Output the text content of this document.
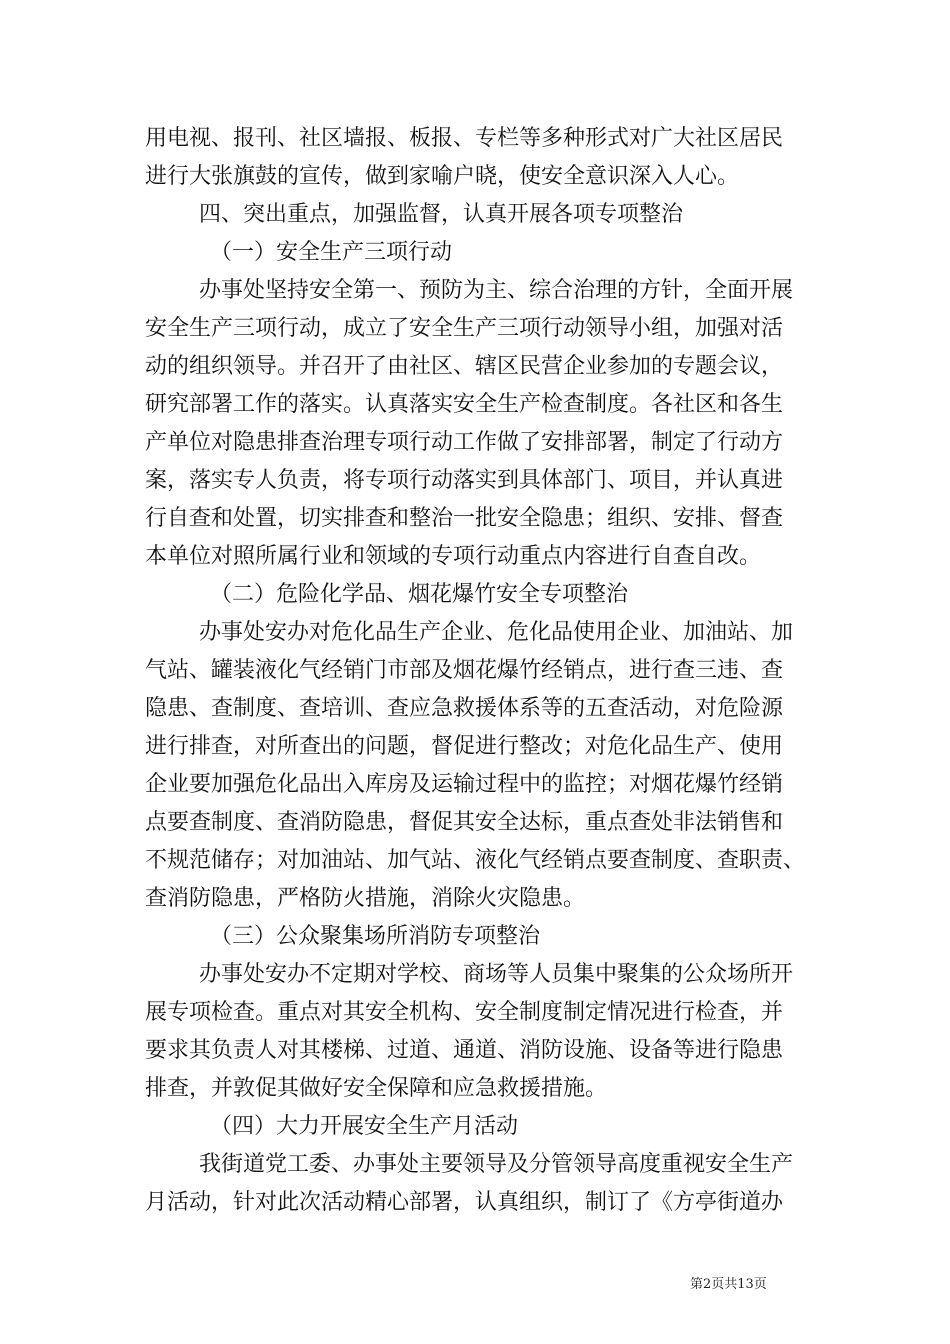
用电视、报刊、社区墙报、板报、专栏等多种形式对广大社区居民
进行大张旗鼓的宣传，做到家喻户晓，使安全意识深入人心。
四、突出重点，加强监督，认真开展各项专项整治
（一）安全生产三项行动
办事处坚持安全第一、预防为主、综合治理的方针，全面开展
安全生产三项行动，成立了安全生产三项行动领导小组，加强对活
动的组织领导。并召开了由社区、辖区民营企业参加的专题会议，
研究部署工作的落实。认真落实安全生产检查制度。各社区和各生
产单位对隐患排查治理专项行动工作做了安排部署，制定了行动方
案，落实专人负责，将专项行动落实到具体部门、项目，并认真进
行自查和处置，切实排查和整治一批安全隐患；组织、安排、督查
本单位对照所属行业和领域的专项行动重点内容进行自查自改。
（二）危险化学品、烟花爆竹安全专项整治
办事处安办对危化品生产企业、危化品使用企业、加油站、加
气站、罐装液化气经销门市部及烟花爆竹经销点，进行查三违、查
隐患、查制度、查培训、查应急救援体系等的五查活动，对危险源
进行排查，对所查出的问题，督促进行整改；对危化品生产、使用
企业要加强危化品出入库房及运输过程中的监控；对烟花爆竹经销
点要查制度、查消防隐患，督促其安全达标，重点查处非法销售和
不规范储存；对加油站、加气站、液化气经销点要查制度、查职责、
查消防隐患，严格防火措施，消除火灾隐患。
（三）公众聚集场所消防专项整治
办事处安办不定期对学校、商场等人员集中聚集的公众场所开
展专项检查。重点对其安全机构、安全制度制定情况进行检查，并
要求其负责人对其楼梯、过道、通道、消防设施、设备等进行隐患
排查，并敦促其做好安全保障和应急救援措施。
（四）大力开展安全生产月活动
我街道党工委、办事处主要领导及分管领导高度重视安全生产
月活动，针对此次活动精心部署，认真组织，制订了《方亭街道办
第2页共13页
